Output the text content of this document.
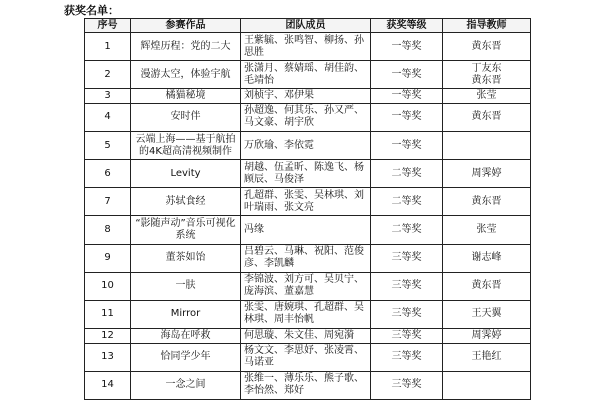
获奖名单：
序号	参赛作品	团队成员	获奖等级	指导教师
1	辉煌历程：党的二大	王紫毓、张鸣智、柳扬、孙思胜	一等奖	黄东晋
2	漫游太空，体验宇航	张潇月、蔡婧瑶、胡佳韵、毛靖怡	一等奖	丁友东
黄东晋
3	橘猫秘境	刘桢宇、邓伊果	一等奖	张莹
4	安时伴	孙超逸、何其乐、孙又严、马文豪、胡宇欣	一等奖	黄东晋
5	云端上海——基于航拍的4K超高清视频制作	万欣瑜、李依霓	一等奖	
6	Levity	胡越、伍孟昕、陈逸飞、杨顾辰、马俊泽	二等奖	周霁婷
7	苏轼食经	孔超群、张雯、吴林琪、刘叶瑞雨、张文亮	二等奖	黄东晋
8	“影随声动”音乐可视化系统	冯缘	二等奖	张莹
9	董茶如饴	吕碧云、马琳、祝阳、范俊彦、李凯麟	三等奖	谢志峰
10	一肤	李锦波、刘方可、吴贝宁、庞海滨、董嘉慧	三等奖	黄东晋
11	Mirror	张雯、唐婉琪、孔超群、吴林琪、周丰怡帆	三等奖	王天翼
12	海岛在呼救	何思璇、朱文佳、周宛漪	三等奖	周霁婷
13	恰同学少年	杨文文、李思妤、张凌霄、马诺亚	三等奖	王艳红
14	一念之间	张维一、薄乐乐、熊子歌、李怡然、郑好	三等奖	
